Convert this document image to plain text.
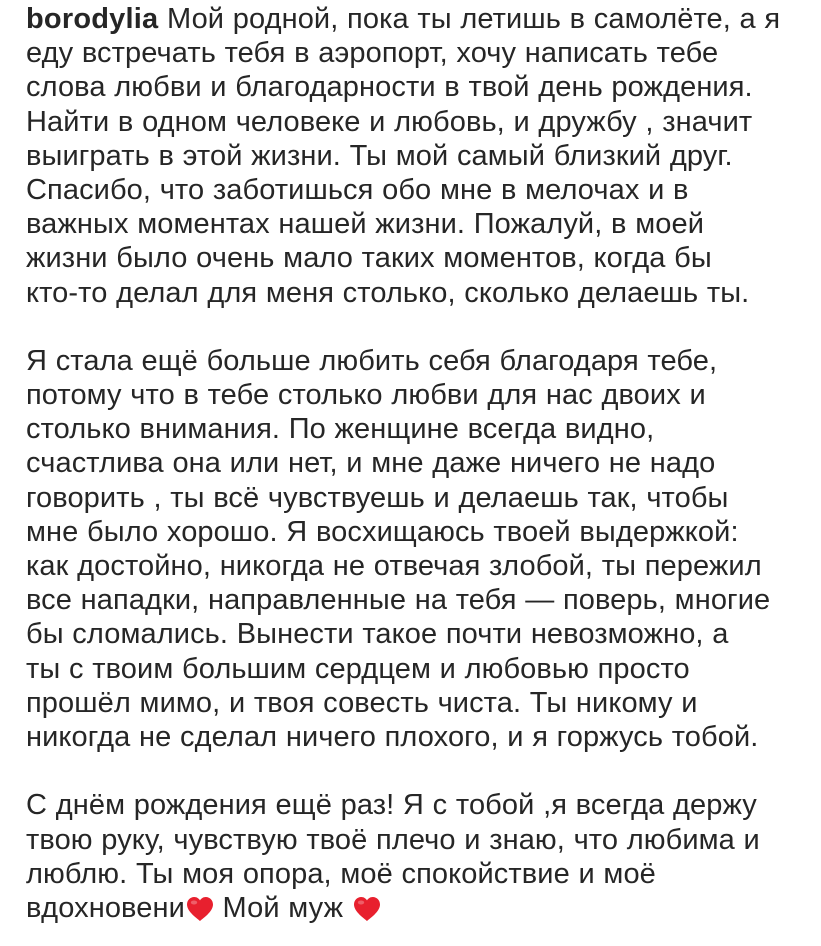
borodylia Мой родной, пока ты летишь в самолёте, а я
еду встречать тебя в аэропорт, хочу написать тебе
слова любви и благодарности в твой день рождения.
Найти в одном человеке и любовь, и дружбу , значит
выиграть в этой жизни. Ты мой самый близкий друг.
Спасибо, что заботишься обо мне в мелочах и в
важных моментах нашей жизни. Пожалуй, в моей
жизни было очень мало таких моментов, когда бы
кто-то делал для меня столько, сколько делаешь ты.
Я стала ещё больше любить себя благодаря тебе,
потому что в тебе столько любви для нас двоих и
столько внимания. По женщине всегда видно,
счастлива она или нет, и мне даже ничего не надо
говорить , ты всё чувствуешь и делаешь так, чтобы
мне было хорошо. Я восхищаюсь твоей выдержкой:
как достойно, никогда не отвечая злобой, ты пережил
все нападки, направленные на тебя — поверь, многие
бы сломались. Вынести такое почти невозможно, а
ты с твоим большим сердцем и любовью просто
прошёл мимо, и твоя совесть чиста. Ты никому и
никогда не сделал ничего плохого, и я горжусь тобой.
С днём рождения ещё раз! Я с тобой ,я всегда держу
твою руку, чувствую твоё плечо и знаю, что любима и
люблю. Ты моя опора, моё спокойствие и моё
вдохновени
Мой муж
